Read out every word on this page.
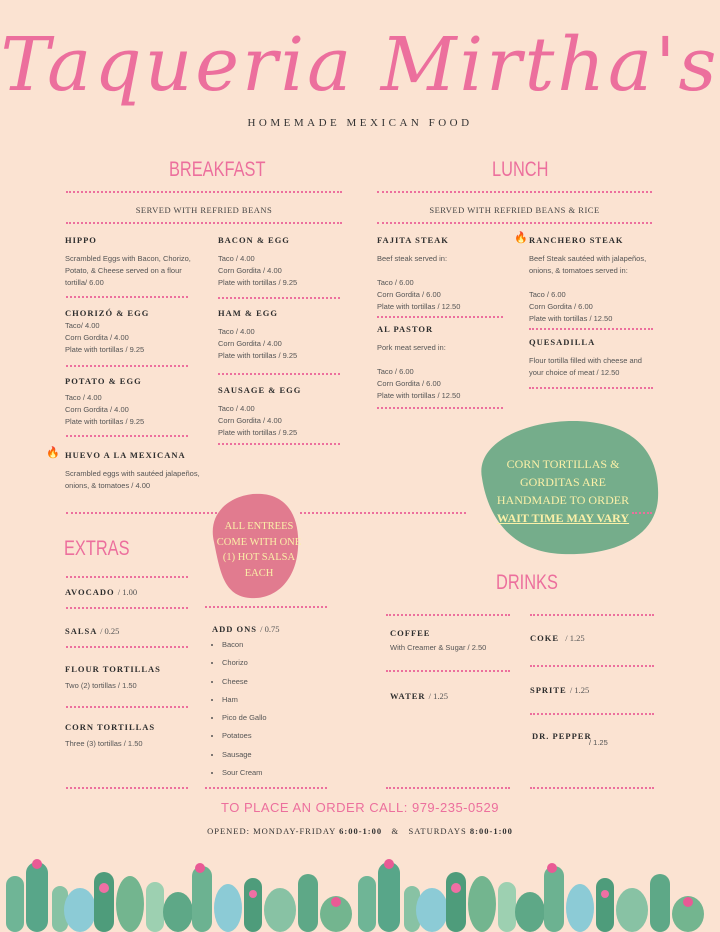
Taqueria Mirtha's
HOMEMADE MEXICAN FOOD
BREAKFAST
SERVED WITH REFRIED BEANS
HIPPO
Scrambled Eggs with Bacon, Chorizo,
Potato, & Cheese served on a flour
tortilla/ 6.00
CHORIZÓ & EGG
Taco/ 4.00
Corn Gordita / 4.00
Plate with tortillas / 9.25
POTATO & EGG
Taco / 4.00
Corn Gordita / 4.00
Plate with tortillas / 9.25
🔥 HUEVO A LA MEXICANA
Scrambled eggs with sautéed jalapeños,
onions, & tomatoes / 4.00
BACON & EGG
Taco / 4.00
Corn Gordita / 4.00
Plate with tortillas / 9.25
HAM & EGG
Taco / 4.00
Corn Gordita / 4.00
Plate with tortillas / 9.25
SAUSAGE & EGG
Taco / 4.00
Corn Gordita / 4.00
Plate with tortillas / 9.25
LUNCH
SERVED WITH REFRIED BEANS & RICE
FAJITA STEAK
Beef steak served in:
Taco / 6.00
Corn Gordita / 6.00
Plate with tortillas / 12.50
AL PASTOR
Pork meat served in:
Taco / 6.00
Corn Gordita / 6.00
Plate with tortillas / 12.50
🔥 RANCHERO STEAK
Beef Steak sautéed with jalapeños,
onions, & tomatoes served in:
Taco / 6.00
Corn Gordita / 6.00
Plate with tortillas / 12.50
QUESADILLA
Flour tortilla filled with cheese and
your choice of meat / 12.50
CORN TORTILLAS &
GORDITAS ARE
HANDMADE TO ORDER
WAIT TIME MAY VARY
ALL ENTREES
COME WITH ONE
(1) HOT SALSA
EACH
EXTRAS
AVOCADO / 1.00
SALSA / 0.25
FLOUR TORTILLAS
Two (2) tortillas / 1.50
CORN TORTILLAS
Three (3) tortillas / 1.50
ADD ONS / 0.75
• Bacon
• Chorizo
• Cheese
• Ham
• Pico de Gallo
• Potatoes
• Sausage
• Sour Cream
DRINKS
COFFEE
With Creamer & Sugar / 2.50
WATER / 1.25
COKE / 1.25
SPRITE / 1.25
DR. PEPPER
/ 1.25
TO PLACE AN ORDER CALL: 979-235-0529
OPENED: MONDAY-FRIDAY 6:00-1:00 & SATURDAYS 8:00-1:00
